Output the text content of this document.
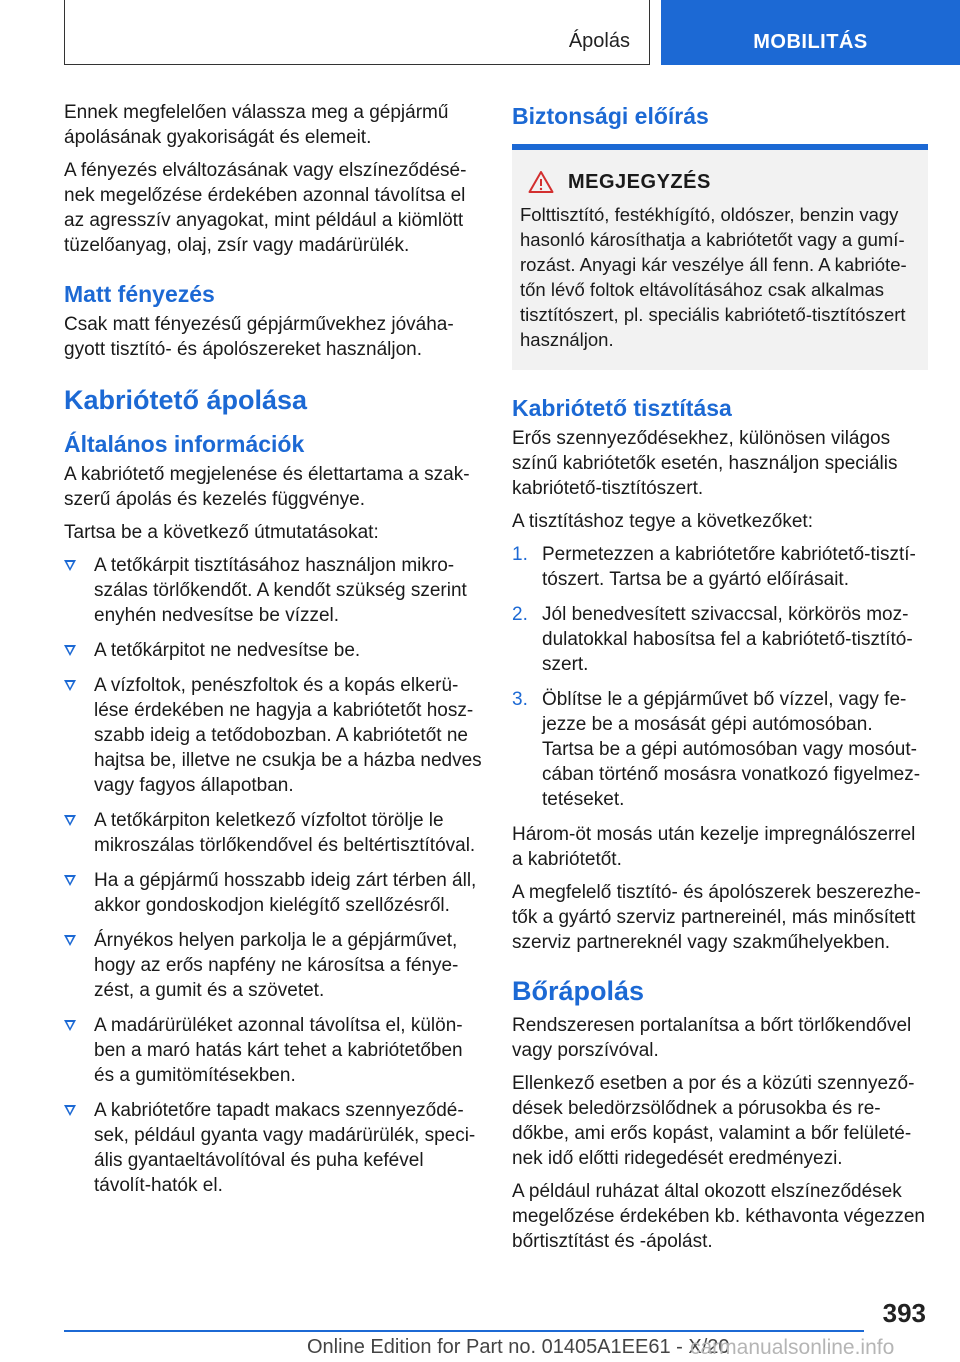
Ápolás	MOBILITÁS

Ennek megfelelően válassza meg a gépjármű ápolásának gyakoriságát és elemeit.

A fényezés elváltozásának vagy elszíneződésé-nek megelőzése érdekében azonnal távolítsa el az agresszív anyagokat, mint például a kiömlött tüzelőanyag, olaj, zsír vagy madárürülék.

Matt fényezés

Csak matt fényezésű gépjárművekhez jóváha-gyott tisztító- és ápolószereket használjon.

Kabriótető ápolása
Általános információk

A kabriótető megjelenése és élettartama a szak-szerű ápolás és kezelés függvénye.

Tartsa be a következő útmutatásokat:

A tetőkárpit tisztításához használjon mikro-szálas törlőkendőt. A kendőt szükség szerint enyhén nedvesítse be vízzel.
A tetőkárpitot ne nedvesítse be.
A vízfoltok, penészfoltok és a kopás elkerü-lése érdekében ne hagyja a kabriótetőt hosz-szabb ideig a tetődobozban. A kabriótetőt ne hajtsa be, illetve ne csukja be a házba nedves vagy fagyos állapotban.
A tetőkárpiton keletkező vízfoltot törölje le mikroszálas törlőkendővel és beltértisztítóval.
Ha a gépjármű hosszabb ideig zárt térben áll, akkor gondoskodjon kielégítő szellőzésről.
Árnyékos helyen parkolja le a gépjárművet, hogy az erős napfény ne károsítsa a fénye-zést, a gumit és a szövetet.
A madárürüléket azonnal távolítsa el, külön-ben a maró hatás kárt tehet a kabriótetőben és a gumitömítésekben.
A kabriótetőre tapadt makacs szennyeződé-sek, például gyanta vagy madárürülék, speci-ális gyantaeltávolítóval és puha kefével távolít-hatók el.
Biztonsági előírás
MEGJEGYZÉS

Folttisztító, festékhígító, oldószer, benzin vagy hasonló károsíthatja a kabriótetőt vagy a gumí-rozást. Anyagi kár veszélye áll fenn. A kabrióte-tőn lévő foltok eltávolításához csak alkalmas tisztítószert, pl. speciális kabriótető-tisztítószert használjon.

Kabriótető tisztítása

Erős szennyeződésekhez, különösen világos színű kabriótetők esetén, használjon speciális kabriótető-tisztítószert.

A tisztításhoz tegye a következőket:

1. Permetezzen a kabriótetőre kabriótető-tisztí-tószert. Tartsa be a gyártó előírásait.
2. Jól benedvesített szivaccsal, körkörös moz-dulatokkal habosítsa fel a kabriótető-tisztító-szert.
3. Öblítse le a gépjárművet bő vízzel, vagy fe-jezze be a mosását gépi autómosóban. Tartsa be a gépi autómosóban vagy mosóut-cában történő mosásra vonatkozó figyelmez-tetéseket.

Három-öt mosás után kezelje impregnálószerrel a kabriótetőt.

A megfelelő tisztító- és ápolószerek beszerezhe-tők a gyártó szerviz partnereinél, más minősített szerviz partnereknél vagy szakműhelyekben.

Bőrápolás

Rendszeresen portalanítsa a bőrt törlőkendővel vagy porszívóval.

Ellenkező esetben a por és a közúti szennyező-dések beledörzsölődnek a pórusokba és re-dőkbe, ami erős kopást, valamint a bőr felületé-nek idő előtti ridegedését eredményezi.

A például ruházat által okozott elszíneződések megelőzése érdekében kb. kéthavonta végezzen bőrtisztítást és -ápolást.

393
Online Edition for Part no. 01405A1EE61 - X/20
carmanualsonline.info
